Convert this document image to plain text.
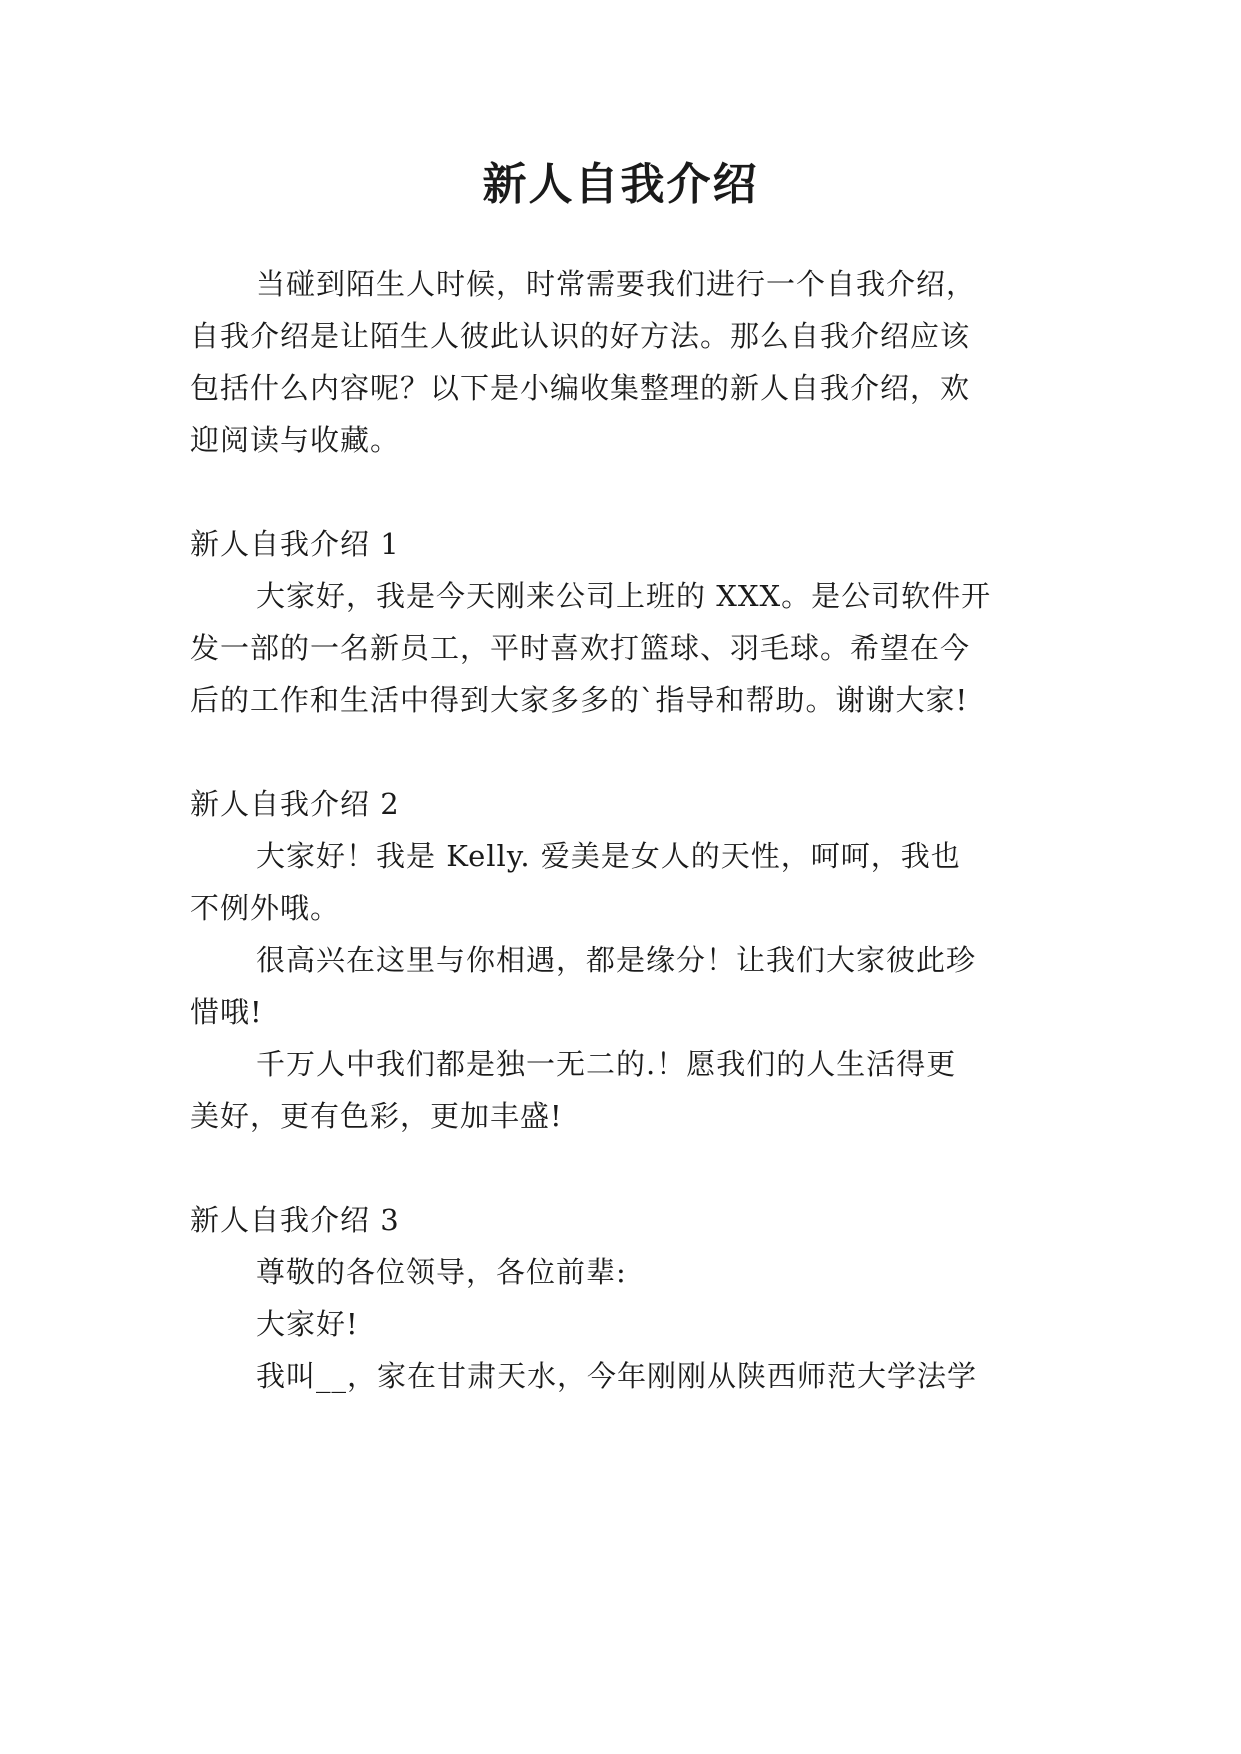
新人自我介绍
当碰到陌生人时候，时常需要我们进行一个自我介绍，
自我介绍是让陌生人彼此认识的好方法。那么自我介绍应该
包括什么内容呢？以下是小编收集整理的新人自我介绍，欢
迎阅读与收藏。
新人自我介绍 1
大家好，我是今天刚来公司上班的 XXX。是公司软件开
发一部的一名新员工，平时喜欢打篮球、羽毛球。希望在今
后的工作和生活中得到大家多多的`指导和帮助。谢谢大家!
新人自我介绍 2
大家好！我是 Kelly. 爱美是女人的天性，呵呵，我也
不例外哦。
很高兴在这里与你相遇，都是缘分！让我们大家彼此珍
惜哦!
千万人中我们都是独一无二的.！愿我们的人生活得更
美好，更有色彩，更加丰盛!
新人自我介绍 3
尊敬的各位领导，各位前辈:
大家好!
我叫__，家在甘肃天水，今年刚刚从陕西师范大学法学
